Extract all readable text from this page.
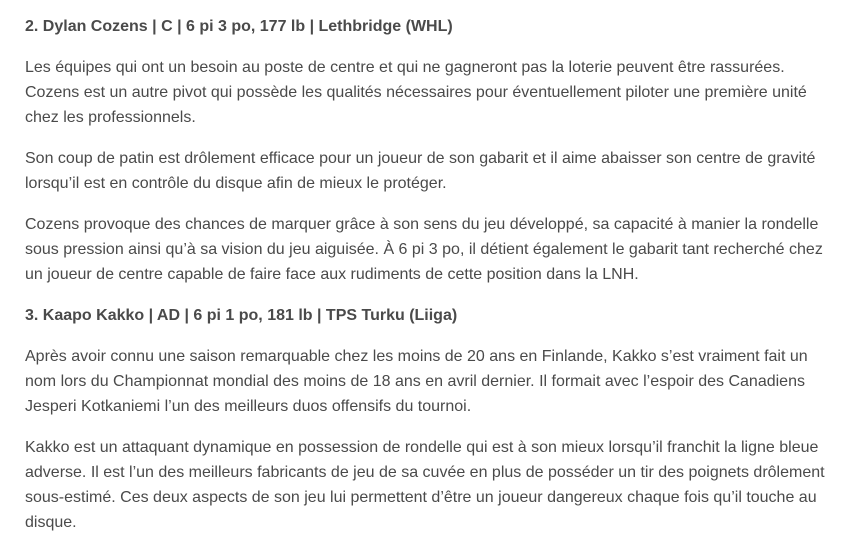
2. Dylan Cozens | C | 6 pi 3 po, 177 lb | Lethbridge (WHL)

Les équipes qui ont un besoin au poste de centre et qui ne gagneront pas la loterie peuvent être rassurées. Cozens est un autre pivot qui possède les qualités nécessaires pour éventuellement piloter une première unité chez les professionnels.

Son coup de patin est drôlement efficace pour un joueur de son gabarit et il aime abaisser son centre de gravité lorsqu’il est en contrôle du disque afin de mieux le protéger.

Cozens provoque des chances de marquer grâce à son sens du jeu développé, sa capacité à manier la rondelle sous pression ainsi qu’à sa vision du jeu aiguisée. À 6 pi 3 po, il détient également le gabarit tant recherché chez un joueur de centre capable de faire face aux rudiments de cette position dans la LNH.

3. Kaapo Kakko | AD | 6 pi 1 po, 181 lb | TPS Turku (Liiga)

Après avoir connu une saison remarquable chez les moins de 20 ans en Finlande, Kakko s’est vraiment fait un nom lors du Championnat mondial des moins de 18 ans en avril dernier. Il formait avec l’espoir des Canadiens Jesperi Kotkaniemi l’un des meilleurs duos offensifs du tournoi.

Kakko est un attaquant dynamique en possession de rondelle qui est à son mieux lorsqu’il franchit la ligne bleue adverse. Il est l’un des meilleurs fabricants de jeu de sa cuvée en plus de posséder un tir des poignets drôlement sous-estimé. Ces deux aspects de son jeu lui permettent d’être un joueur dangereux chaque fois qu’il touche au disque.
